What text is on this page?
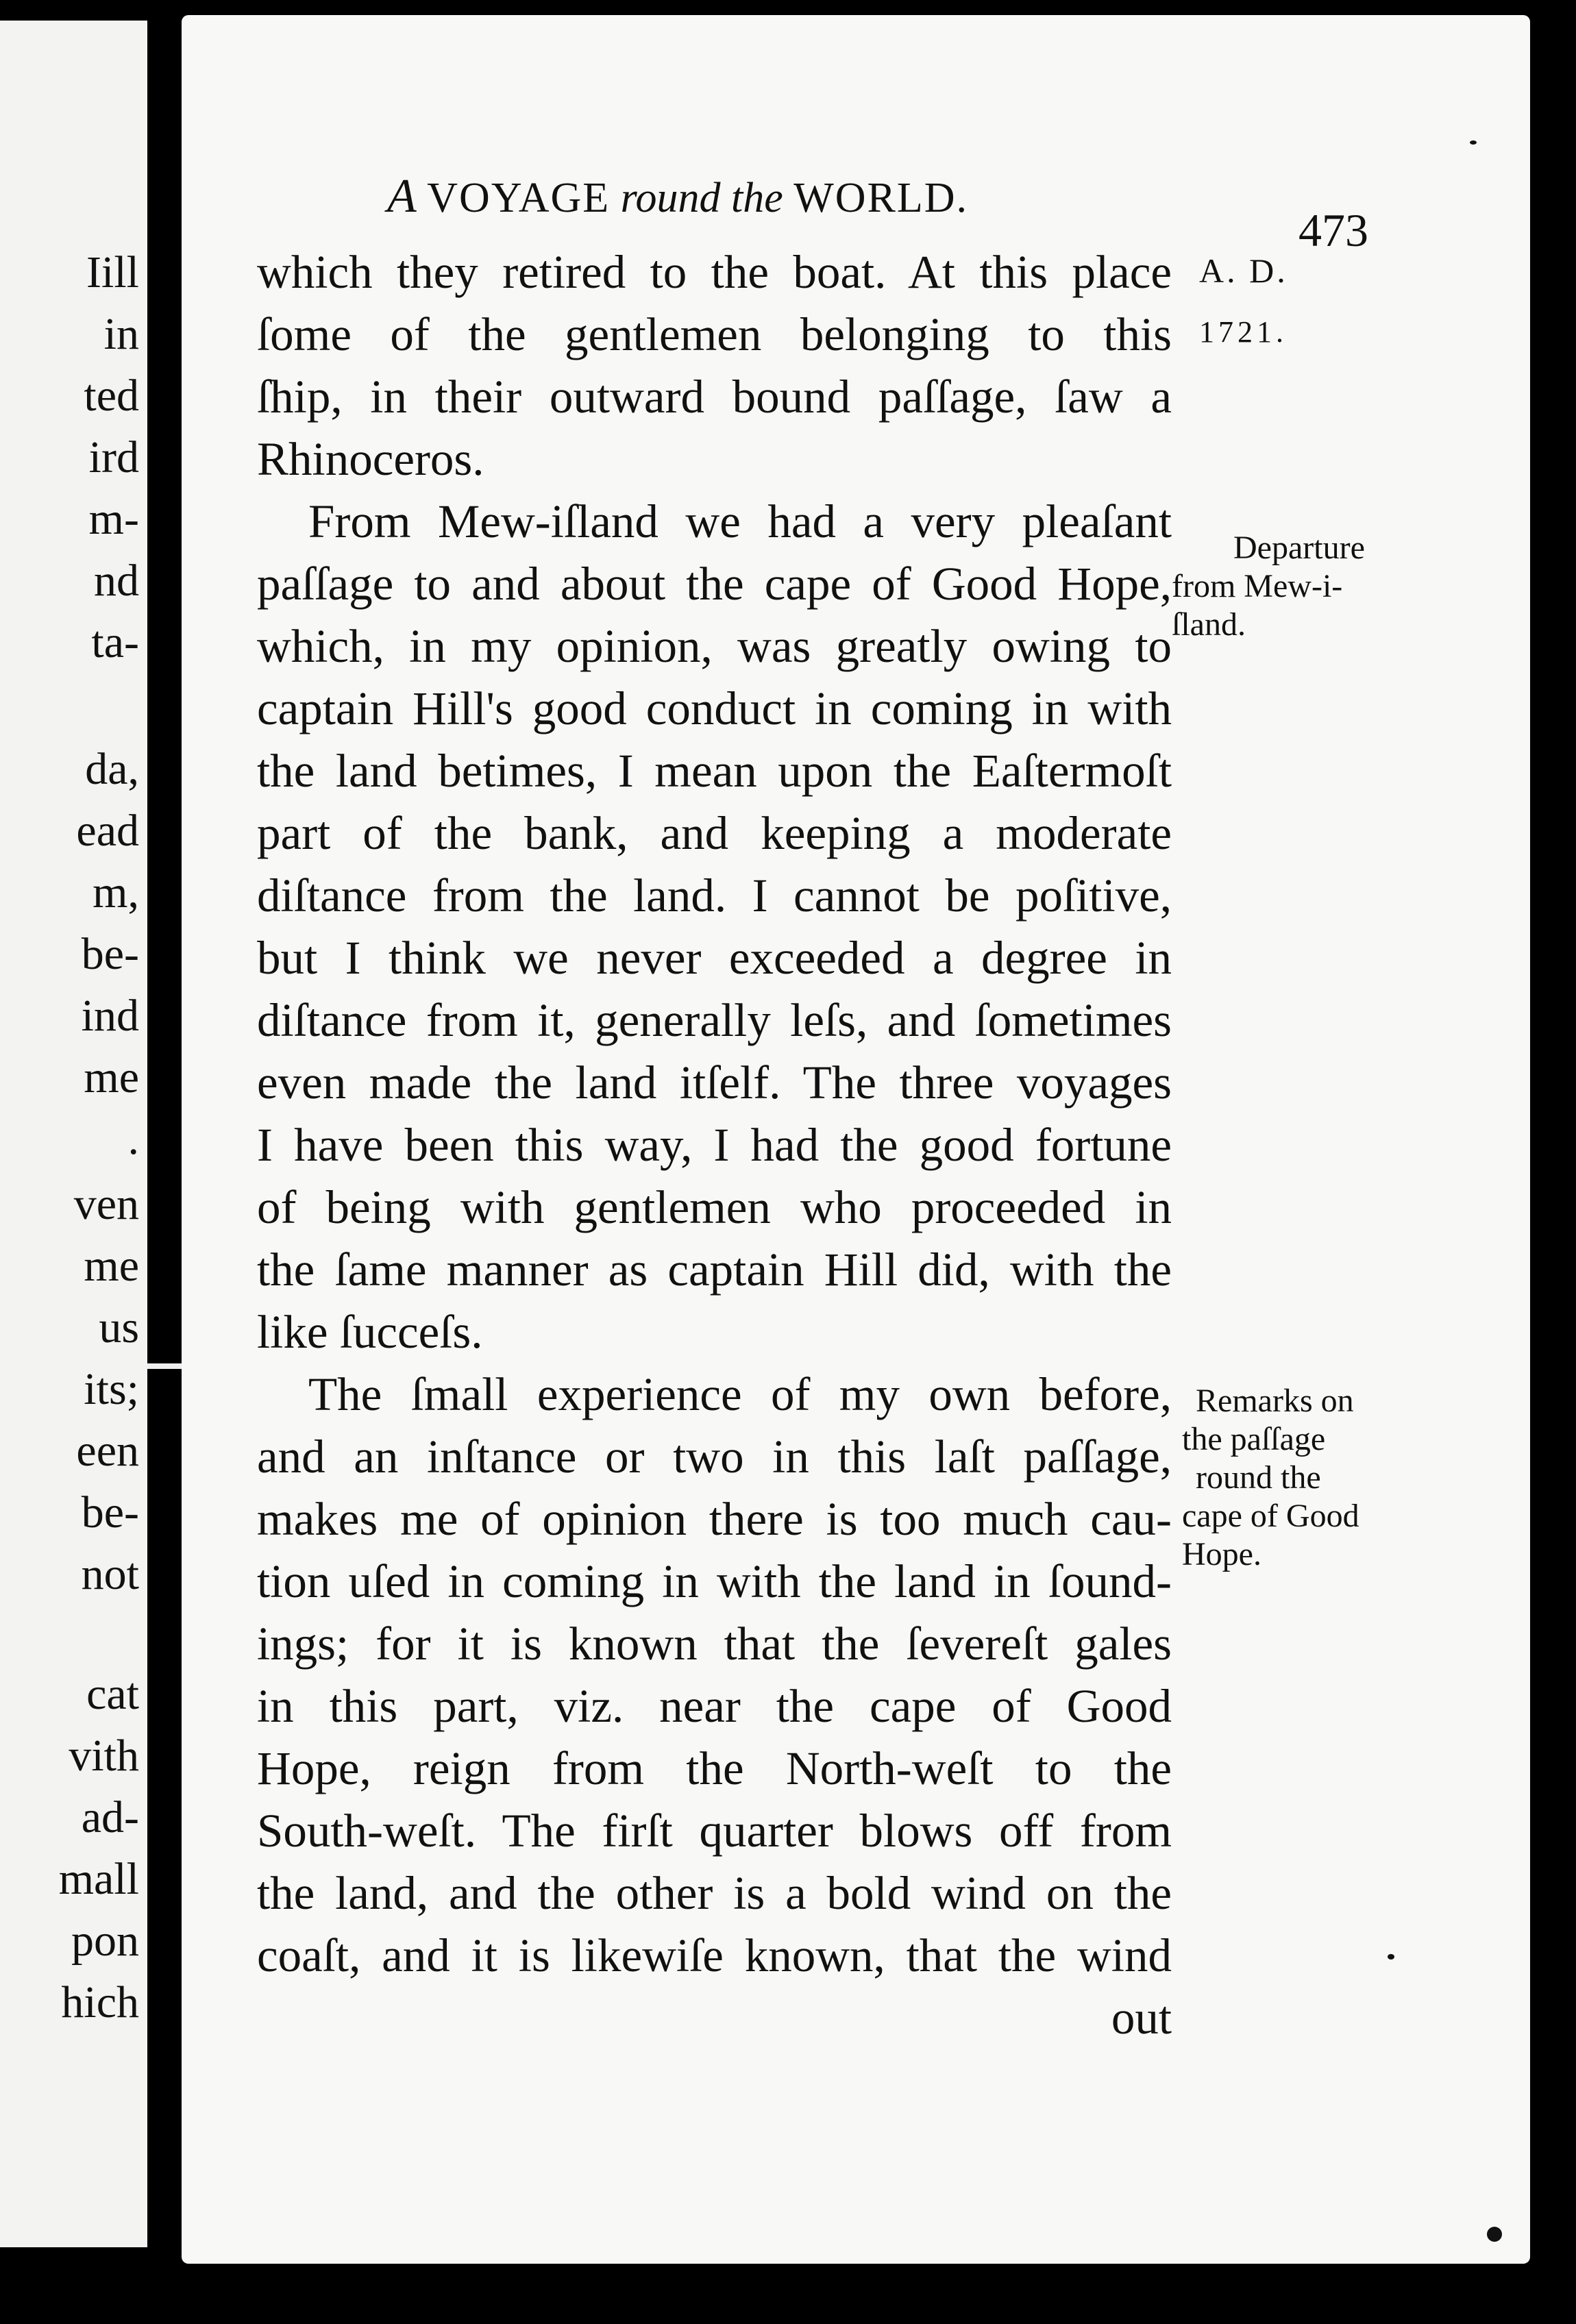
Iill
in
ted
ird
m-
nd
ta-
da,
ead
m,
be-
ind
me
.
ven
me
us
its;
een
be-
not
cat
vith
ad-
mall
pon
hich
A VOYAGE round the WORLD.
473
which they retired to the boat. At this place
ſome of the gentlemen belonging to this
ſhip, in their outward bound paſſage, ſaw a
Rhinoceros.
From Mew-iſland we had a very pleaſant
paſſage to and about the cape of Good Hope,
which, in my opinion, was greatly owing to
captain Hill's good conduct in coming in with
the land betimes, I mean upon the Eaſtermoſt
part of the bank, and keeping a moderate
diſtance from the land. I cannot be poſitive,
but I think we never exceeded a degree in
diſtance from it, generally leſs, and ſometimes
even made the land itſelf. The three voyages
I have been this way, I had the good fortune
of being with gentlemen who proceeded in
the ſame manner as captain Hill did, with the
like ſucceſs.
The ſmall experience of my own before,
and an inſtance or two in this laſt paſſage,
makes me of opinion there is too much cau-
tion uſed in coming in with the land in ſound-
ings; for it is known that the ſevereſt gales
in this part, viz. near the cape of Good
Hope, reign from the North-weſt to the
South-weſt. The firſt quarter blows off from
the land, and the other is a bold wind on the
coaſt, and it is likewiſe known, that the wind
out
A. D.
1721.
Departure
from Mew-i-
ſland.
Remarks on
the paſſage
round the
cape of Good
Hope.
